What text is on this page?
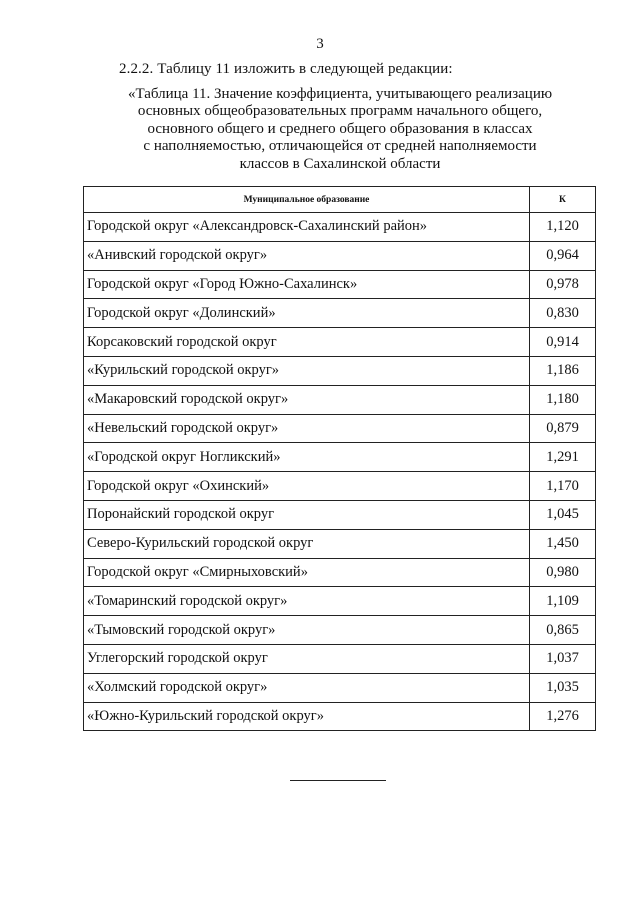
3
2.2.2. Таблицу 11 изложить в следующей редакции:
«Таблица 11. Значение коэффициента, учитывающего реализацию
основных общеобразовательных программ начального общего,
основного общего и среднего общего образования в классах
с наполняемостью, отличающейся от средней наполняемости
классов в Сахалинской области
Муниципальное образование	К
Городской округ «Александровск-Сахалинский район»	1,120
«Анивский городской округ»	0,964
Городской округ «Город Южно-Сахалинск»	0,978
Городской округ «Долинский»	0,830
Корсаковский городской округ	0,914
«Курильский городской округ»	1,186
«Макаровский городской округ»	1,180
«Невельский городской округ»	0,879
«Городской округ Ногликский»	1,291
Городской округ «Охинский»	1,170
Поронайский городской округ	1,045
Северо-Курильский городской округ	1,450
Городской округ «Смирныховский»	0,980
«Томаринский городской округ»	1,109
«Тымовский городской округ»	0,865
Углегорский городской округ	1,037
«Холмский городской округ»	1,035
«Южно-Курильский городской округ»	1,276
